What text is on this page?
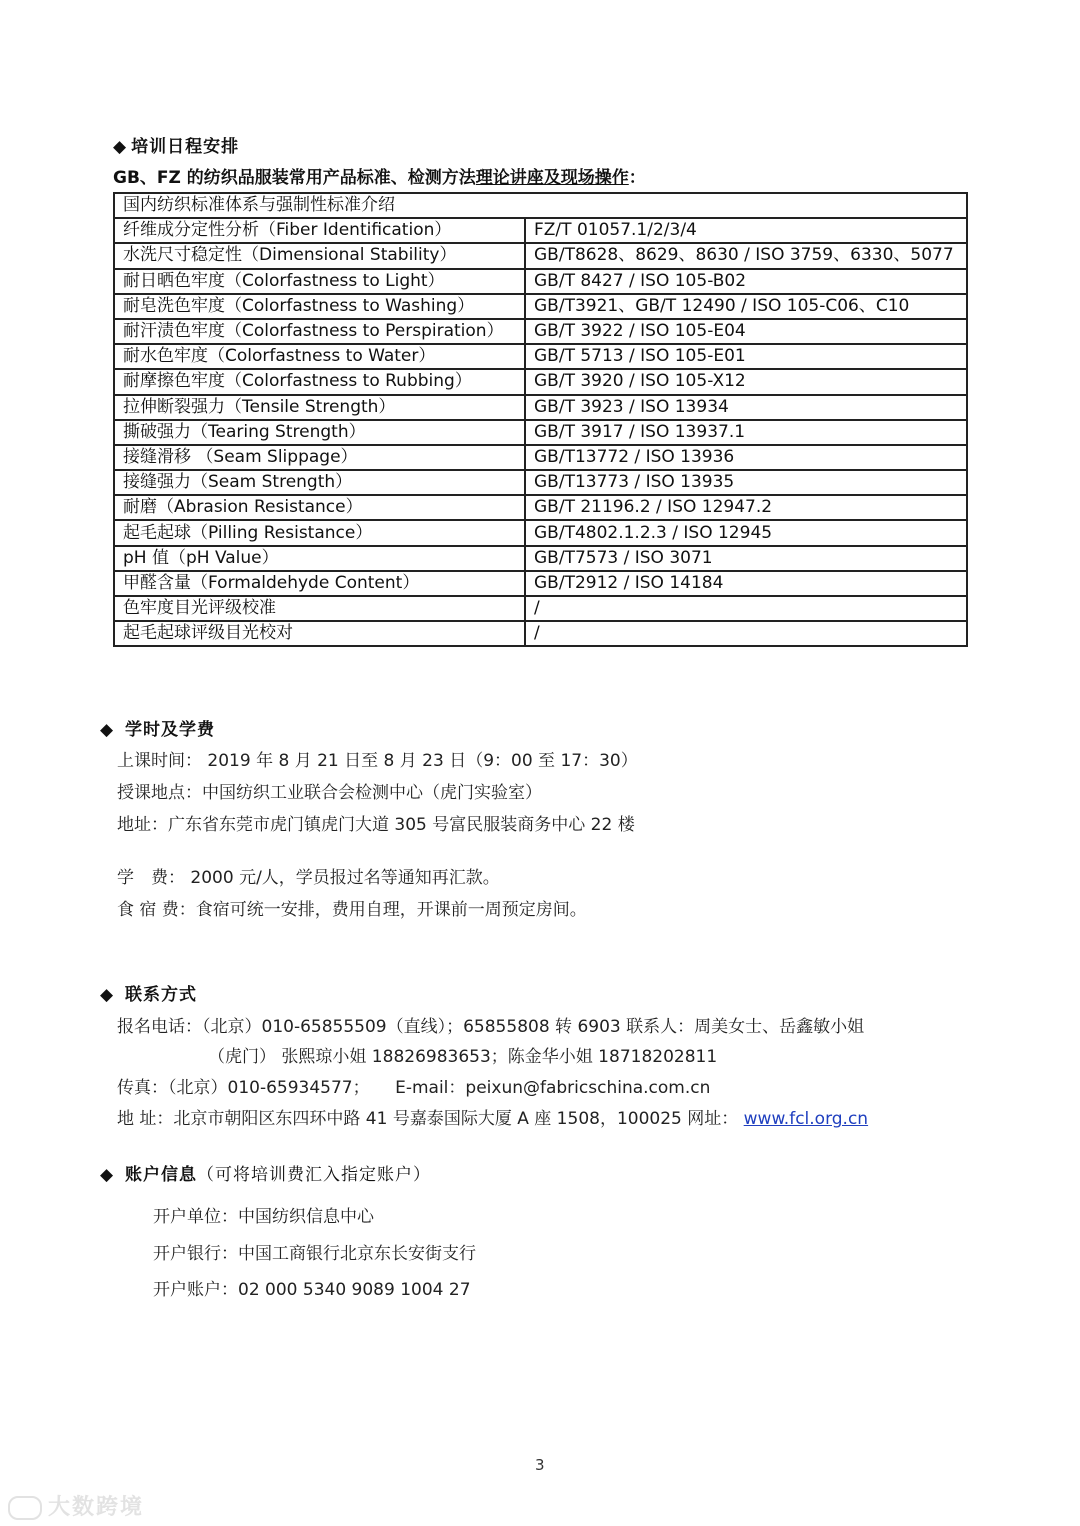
◆ 培训日程安排
GB、FZ 的纺织品服装常用产品标准、检测方法理论讲座及现场操作：
国内纺织标准体系与强制性标准介绍	
纤维成分定性分析（Fiber Identification）	FZ/T 01057.1/2/3/4
水洗尺寸稳定性（Dimensional Stability）	GB/T8628、8629、8630 / ISO 3759、6330、5077
耐日晒色牢度（Colorfastness to Light）	GB/T 8427 / ISO 105-B02
耐皂洗色牢度（Colorfastness to Washing）	GB/T3921、GB/T 12490 / ISO 105-C06、C10
耐汗渍色牢度（Colorfastness to Perspiration）	GB/T 3922 / ISO 105-E04
耐水色牢度（Colorfastness to Water）	GB/T 5713 / ISO 105-E01
耐摩擦色牢度（Colorfastness to Rubbing）	GB/T 3920 / ISO 105-X12
拉伸断裂强力（Tensile Strength）	GB/T 3923 / ISO 13934
撕破强力（Tearing Strength）	GB/T 3917 / ISO 13937.1
接缝滑移 （Seam Slippage）	GB/T13772 / ISO 13936
接缝强力（Seam Strength）	GB/T13773 / ISO 13935
耐磨（Abrasion Resistance）	GB/T 21196.2 / ISO 12947.2
起毛起球（Pilling Resistance）	GB/T4802.1.2.3 / ISO 12945
pH 值（pH Value）	GB/T7573 / ISO 3071
甲醛含量（Formaldehyde Content）	GB/T2912 / ISO 14184
色牢度目光评级校准	/
起毛起球评级目光校对	/
◆ 学时及学费
上课时间： 2019 年 8 月 21 日至 8 月 23 日（9：00 至 17：30）
授课地点：中国纺织工业联合会检测中心（虎门实验室）
地址：广东省东莞市虎门镇虎门大道 305 号富民服装商务中心 22 楼
学　费： 2000 元/人，学员报过名等通知再汇款。
食 宿 费：食宿可统一安排，费用自理，开课前一周预定房间。
◆ 联系方式
报名电话：（北京）010-65855509（直线）；65855808 转 6903 联系人：周美女士、岳鑫敏小姐
（虎门） 张熙琼小姐 18826983653；陈金华小姐 18718202811
传真：（北京）010-65934577；　　E-mail：peixun@fabricschina.com.cn
地 址：北京市朝阳区东四环中路 41 号嘉泰国际大厦 A 座 1508，100025 网址： www.fcl.org.cn
◆ 账户信息（可将培训费汇入指定账户）
开户单位：中国纺织信息中心
开户银行：中国工商银行北京东长安街支行
开户账户：02 000 5340 9089 1004 27
3
大数跨境
